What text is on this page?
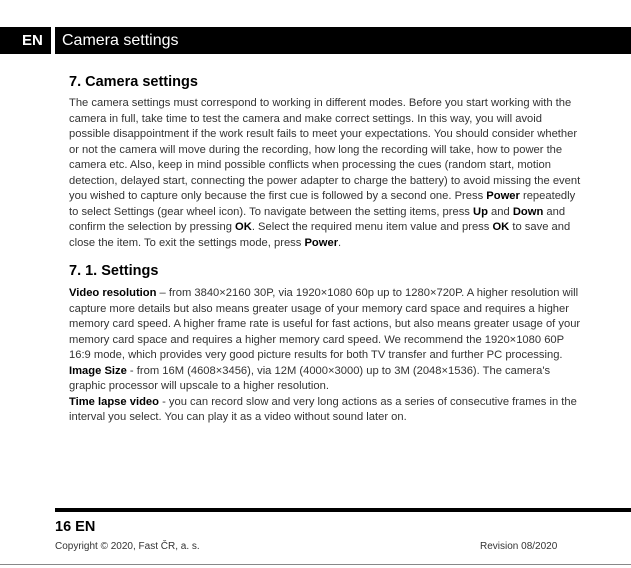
EN	Camera settings
7. Camera settings

The camera settings must correspond to working in different modes. Before you start working with the camera in full, take time to test the camera and make correct settings. In this way, you will avoid possible disappointment if the work result fails to meet your expectations. You should consider whether or not the camera will move during the recording, how long the recording will take, how to power the camera etc. Also, keep in mind possible conflicts when processing the cues (random start, motion detection, delayed start, connecting the power adapter to charge the battery) to avoid missing the event you wished to capture only because the first cue is followed by a second one. Press Power repeatedly to select Settings (gear wheel icon). To navigate between the setting items, press Up and Down and confirm the selection by pressing OK. Select the required menu item value and press OK to save and close the item. To exit the settings mode, press Power.

7. 1. Settings

Video resolution – from 3840×2160 30P, via 1920×1080 60p up to 1280×720P. A higher resolution will capture more details but also means greater usage of your memory card space and requires a higher memory card speed. A higher frame rate is useful for fast actions, but also means greater usage of your memory card space and requires a higher memory card speed. We recommend the 1920×1080 60P 16:9 mode, which provides very good picture results for both TV transfer and further PC processing.
Image Size - from 16M (4608×3456), via 12M (4000×3000) up to 3M (2048×1536). The camera's graphic processor will upscale to a higher resolution.
Time lapse video - you can record slow and very long actions as a series of consecutive frames in the interval you select. You can play it as a video without sound later on.

16 EN
Copyright © 2020, Fast ČR, a. s.	Revision 08/2020
